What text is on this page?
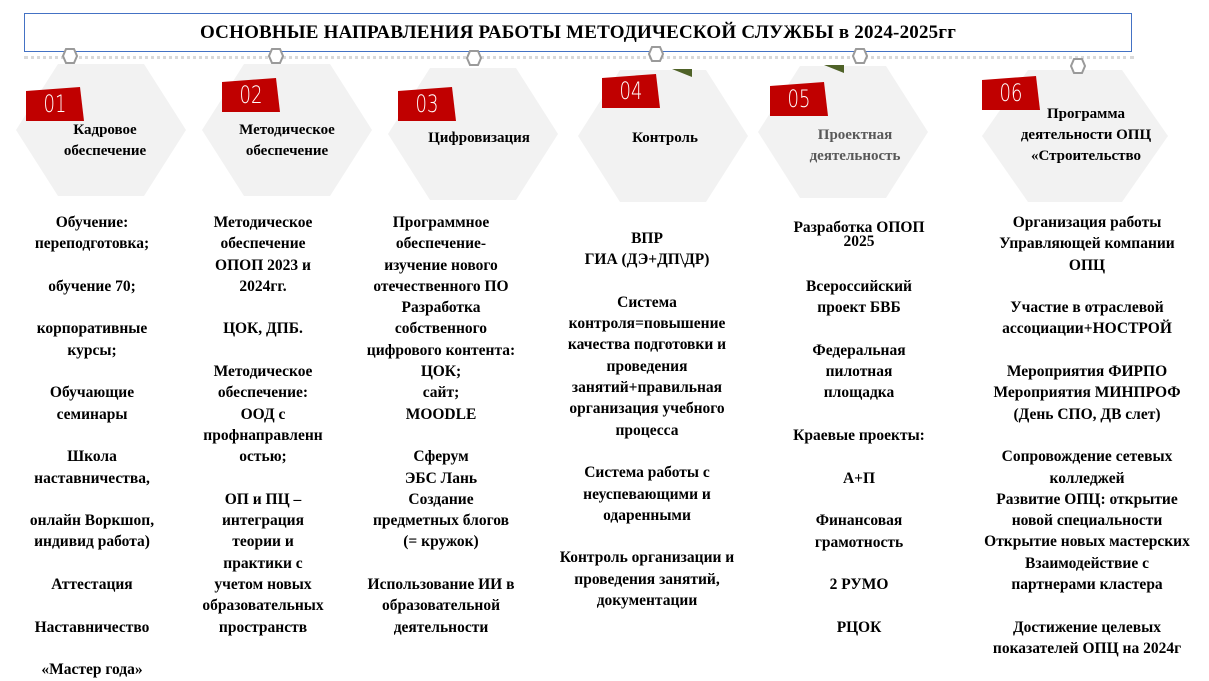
ОСНОВНЫЕ НАПРАВЛЕНИЯ РАБОТЫ МЕТОДИЧЕСКОЙ СЛУЖБЫ в 2024-2025гг
01
Кадровое
обеспечение
02
Методическое
обеспечение
03
Цифровизация
04
Контроль
05
Проектная
деятельность
06
Программа
деятельности ОПЦ
«Строительство
Обучение:
переподготовка;

обучение 70;

корпоративные
курсы;

Обучающие
семинары

Школа
наставничества,

онлайн Воркшоп,
индивид работа)

Аттестация

Наставничество

«Мастер года»
Методическое
обеспечение
ОПОП 2023 и
2024гг.

ЦОК, ДПБ.

Методическое
обеспечение:
ООД с
профнаправленн
остью;

ОП и ПЦ –
интеграция
теории и
практики с
учетом новых
образовательных
пространств
Программное
обеспечение-
изучение нового
отечественного ПО
Разработка
собственного
цифрового контента:
ЦОК;
сайт;
MOODLE

Сферум
ЭБС Лань
Создание
предметных блогов
(= кружок)

Использование ИИ в
образовательной
деятельности
ВПР
ГИА (ДЭ+ДП\ДР)

Система
контроля=повышение
качества подготовки и
проведения
занятий+правильная
организация учебного
процесса

Система работы с
неуспевающими и
одаренными

Контроль организации и
проведения занятий,
документации
Разработка ОПОП
2025
Всероссийский
проект БВБ

Федеральная
пилотная
площадка

Краевые проекты:

А+П

Финансовая
грамотность

2 РУМО

РЦОК
Организация работы
Управляющей компании
ОПЦ

Участие в отраслевой
ассоциации+НОСТРОЙ

Мероприятия ФИРПО
Мероприятия МИНПРОФ
(День СПО, ДВ слет)

Сопровождение сетевых
колледжей
Развитие ОПЦ: открытие
новой специальности
Открытие новых мастерских
Взаимодействие с
партнерами кластера

Достижение целевых
показателей ОПЦ на 2024г
